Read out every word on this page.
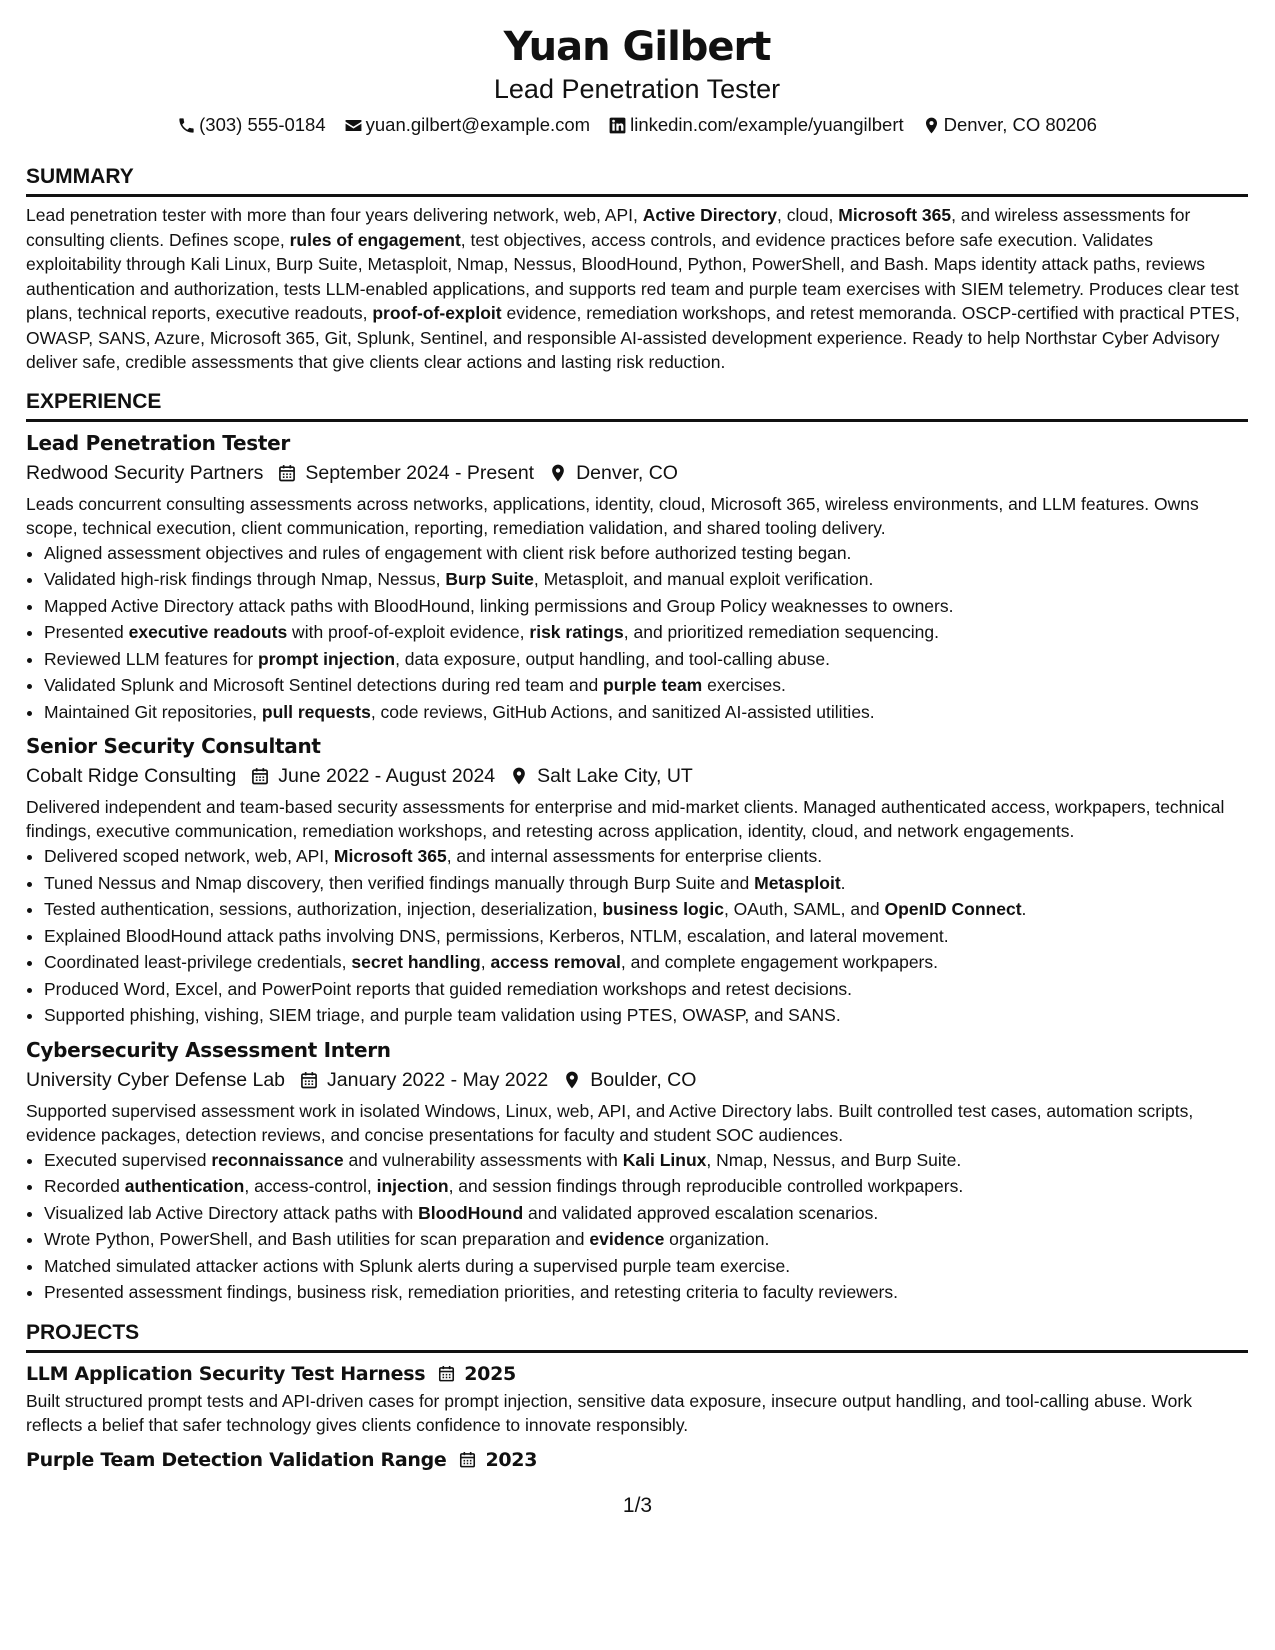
Yuan Gilbert
Lead Penetration Tester
(303) 555-0184 yuan.gilbert@example.com linkedin.com/example/yuangilbert Denver, CO 80206
SUMMARY
Lead penetration tester with more than four years delivering network, web, API, Active Directory, cloud, Microsoft 365, and wireless assessments for consulting clients. Defines scope, rules of engagement, test objectives, access controls, and evidence practices before safe execution. Validates exploitability through Kali Linux, Burp Suite, Metasploit, Nmap, Nessus, BloodHound, Python, PowerShell, and Bash. Maps identity attack paths, reviews authentication and authorization, tests LLM-enabled applications, and supports red team and purple team exercises with SIEM telemetry. Produces clear test plans, technical reports, executive readouts, proof-of-exploit evidence, remediation workshops, and retest memoranda. OSCP-certified with practical PTES, OWASP, SANS, Azure, Microsoft 365, Git, Splunk, Sentinel, and responsible AI-assisted development experience. Ready to help Northstar Cyber Advisory deliver safe, credible assessments that give clients clear actions and lasting risk reduction.
EXPERIENCE
Lead Penetration Tester
Redwood Security Partners September 2024 - Present Denver, CO
Leads concurrent consulting assessments across networks, applications, identity, cloud, Microsoft 365, wireless environments, and LLM features. Owns scope, technical execution, client communication, reporting, remediation validation, and shared tooling delivery.
• Aligned assessment objectives and rules of engagement with client risk before authorized testing began.
• Validated high-risk findings through Nmap, Nessus, Burp Suite, Metasploit, and manual exploit verification.
• Mapped Active Directory attack paths with BloodHound, linking permissions and Group Policy weaknesses to owners.
• Presented executive readouts with proof-of-exploit evidence, risk ratings, and prioritized remediation sequencing.
• Reviewed LLM features for prompt injection, data exposure, output handling, and tool-calling abuse.
• Validated Splunk and Microsoft Sentinel detections during red team and purple team exercises.
• Maintained Git repositories, pull requests, code reviews, GitHub Actions, and sanitized AI-assisted utilities.
Senior Security Consultant
Cobalt Ridge Consulting June 2022 - August 2024 Salt Lake City, UT
Delivered independent and team-based security assessments for enterprise and mid-market clients. Managed authenticated access, workpapers, technical findings, executive communication, remediation workshops, and retesting across application, identity, cloud, and network engagements.
• Delivered scoped network, web, API, Microsoft 365, and internal assessments for enterprise clients.
• Tuned Nessus and Nmap discovery, then verified findings manually through Burp Suite and Metasploit.
• Tested authentication, sessions, authorization, injection, deserialization, business logic, OAuth, SAML, and OpenID Connect.
• Explained BloodHound attack paths involving DNS, permissions, Kerberos, NTLM, escalation, and lateral movement.
• Coordinated least-privilege credentials, secret handling, access removal, and complete engagement workpapers.
• Produced Word, Excel, and PowerPoint reports that guided remediation workshops and retest decisions.
• Supported phishing, vishing, SIEM triage, and purple team validation using PTES, OWASP, and SANS.
Cybersecurity Assessment Intern
University Cyber Defense Lab January 2022 - May 2022 Boulder, CO
Supported supervised assessment work in isolated Windows, Linux, web, API, and Active Directory labs. Built controlled test cases, automation scripts, evidence packages, detection reviews, and concise presentations for faculty and student SOC audiences.
• Executed supervised reconnaissance and vulnerability assessments with Kali Linux, Nmap, Nessus, and Burp Suite.
• Recorded authentication, access-control, injection, and session findings through reproducible controlled workpapers.
• Visualized lab Active Directory attack paths with BloodHound and validated approved escalation scenarios.
• Wrote Python, PowerShell, and Bash utilities for scan preparation and evidence organization.
• Matched simulated attacker actions with Splunk alerts during a supervised purple team exercise.
• Presented assessment findings, business risk, remediation priorities, and retesting criteria to faculty reviewers.
PROJECTS
LLM Application Security Test Harness 2025
Built structured prompt tests and API-driven cases for prompt injection, sensitive data exposure, insecure output handling, and tool-calling abuse. Work reflects a belief that safer technology gives clients confidence to innovate responsibly.
Purple Team Detection Validation Range 2023
1/3
